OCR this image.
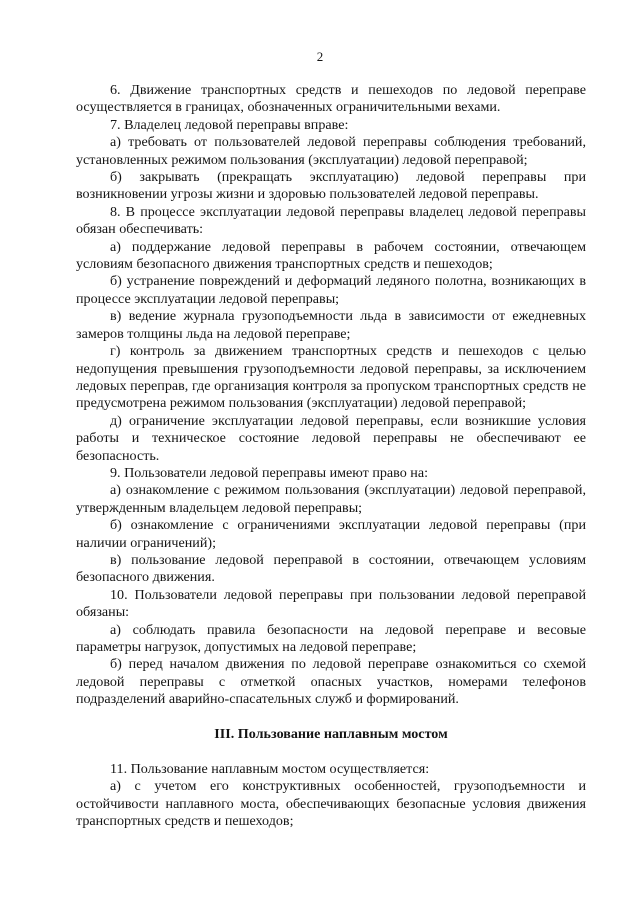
2

6. Движение транспортных средств и пешеходов по ледовой переправе осуществляется в границах, обозначенных ограничительными вехами.

7. Владелец ледовой переправы вправе:

а) требовать от пользователей ледовой переправы соблюдения требований, установленных режимом пользования (эксплуатации) ледовой переправой;

б) закрывать (прекращать эксплуатацию) ледовой переправы при возникновении угрозы жизни и здоровью пользователей ледовой переправы.

8. В процессе эксплуатации ледовой переправы владелец ледовой переправы обязан обеспечивать:

а) поддержание ледовой переправы в рабочем состоянии, отвечающем условиям безопасного движения транспортных средств и пешеходов;

б) устранение повреждений и деформаций ледяного полотна, возникающих в процессе эксплуатации ледовой переправы;

в) ведение журнала грузоподъемности льда в зависимости от ежедневных замеров толщины льда на ледовой переправе;

г) контроль за движением транспортных средств и пешеходов с целью недопущения превышения грузоподъемности ледовой переправы, за исключением ледовых переправ, где организация контроля за пропуском транспортных средств не предусмотрена режимом пользования (эксплуатации) ледовой переправой;

д) ограничение эксплуатации ледовой переправы, если возникшие условия работы и техническое состояние ледовой переправы не обеспечивают ее безопасность.

9. Пользователи ледовой переправы имеют право на:

а) ознакомление с режимом пользования (эксплуатации) ледовой переправой, утвержденным владельцем ледовой переправы;

б) ознакомление с ограничениями эксплуатации ледовой переправы (при наличии ограничений);

в) пользование ледовой переправой в состоянии, отвечающем условиям безопасного движения.

10. Пользователи ледовой переправы при пользовании ледовой переправой обязаны:

а) соблюдать правила безопасности на ледовой переправе и весовые параметры нагрузок, допустимых на ледовой переправе;

б) перед началом движения по ледовой переправе ознакомиться со схемой ледовой переправы с отметкой опасных участков, номерами телефонов подразделений аварийно-спасательных служб и формирований.

III. Пользование наплавным мостом

11. Пользование наплавным мостом осуществляется:

а) с учетом его конструктивных особенностей, грузоподъемности и остойчивости наплавного моста, обеспечивающих безопасные условия движения транспортных средств и пешеходов;
